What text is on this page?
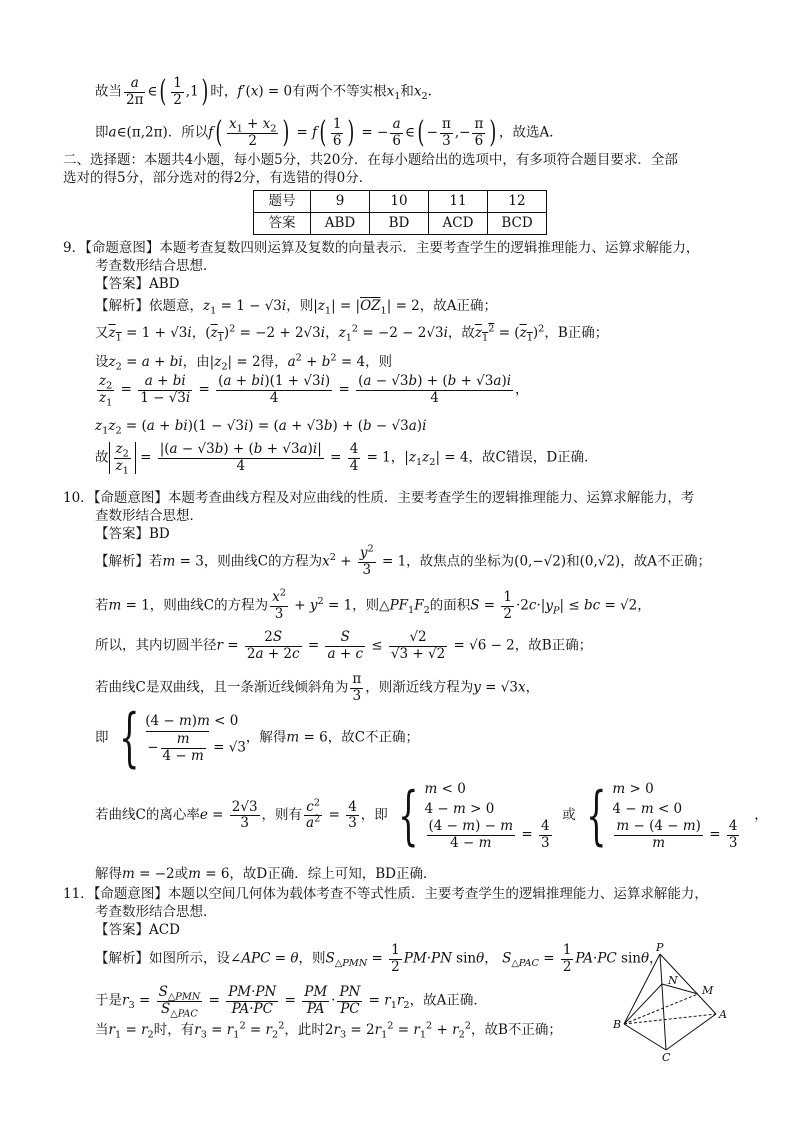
故当 $\frac{a}{2\pi}$ ∈( $\frac{1}{2} ,1$) 时，f′(x) = 0有两个不等实根$x_1$和$x_2$.
即a∈(π,2π)．所以$f( \frac{x_1 + x_2}{2}$ ) = $f( \frac{1}{6}$ ) = − $\frac{a}{6}$ ∈( − $\frac{\pi}{3}$ ,− $\frac{\pi}{6}$ ) ，故选A．
二、选择题：本题共4小题，每小题5分，共20分．在每小题给出的选项中，有多项符合题目要求．全部
选对的得5分，部分选对的得2分，有选错的得0分．
题号	9	10	11	12
答案	ABD	BD	ACD	BCD
9．【命题意图】本题考查复数四则运算及复数的向量表示．主要考查学生的逻辑推理能力、运算求解能力，
考查数形结合思想．
【答案】ABD
【解析】依题意，$z_1 = 1 - √3i$，则$|z_1| = |\overline{OZ}_1| = 2$，故A正确；
又$z_1 = 1 + √3i$，$(z_1)^2 = -2 + 2√3i$，$z_1^2 = -2 - 2√3i$，故$z_1^2 = (z_1)^2$，B正确；
设$z_2 = a$ + bi，由$|z_2| = 2$得，$a^2 + b^2 = 4$，则
$\frac{z_2}{z_1} = \frac{a + bi}{1 - √3i} = \frac{(a + bi)(1 + √3i)}{4} = \frac{(a - √3b) + (b + √3a)i}{4}$ ，
$z_1z_2 = (a + bi)(1 - √3i) = (a + √3b) + (b - √3a)i$
故 $\frac{z_2}{z_1} = \frac{|(a - √3b) + (b + √3a)i|}{4} = \frac{4}{4} = 1$，$|z_1z_2| = 4$，故C错误，D正确．
10．【命题意图】本题考查曲线方程及对应曲线的性质．主要考查学生的逻辑推理能力、运算求解能力，考
查数形结合思想．
【答案】BD
【解析】若m = 3，则曲线C的方程为$x^2 + \frac{y^2}{3} = 1$，故焦点的坐标为(0,−√2)和(0,√2)，故A不正确；
若m = 1，则曲线C的方程为 $\frac{x^2}{3} + y^2 = 1$，则$\triangle PF_1F_2$的面积$S = \frac{1}{2} \cdot 2c\cdot|y_P|$ ≤ bc = √2，
所以，其内切圆半径$r = \frac{2S}{2a + 2c} = \frac{S}{a + c} \le \frac{√2}{√3 + √2} = √6 - 2$，故B正确；
若曲线C是双曲线，且一条渐近线倾斜角为 $\frac{\pi}{3}$ ，则渐近线方程为y = √3x，
即 { (4 − m)m < 0
− $\frac{m}{4 - m} = √3$
，解得m = 6，故C不正确；
若曲线C的离心率$e = \frac{2√3}{3}$ ，则有 $\frac{c^2}{a^2} = \frac{4}{3}$ ，即 { m < 0
4 − m > 0
$\frac{(4 - m) - m}{4 - m} = \frac{4}{3}$
或 { m > 0
4 − m < 0
$\frac{m - (4 - m)}{m} = \frac{4}{3}$
，
解得m = −2或m = 6，故D正确．综上可知，BD正确．
11．【命题意图】本题以空间几何体为载体考查不等式性质．主要考查学生的逻辑推理能力、运算求解能力，
考查数形结合思想．
【答案】ACD
【解析】如图所示，设∠APC = θ，则$S_{\triangle PMN} = \frac{1}{2} PM\cdot PN$ sinθ， $S_{\triangle PAC} = \frac{1}{2} PA\cdot PC$ sinθ，
于是$r_3 = \frac{S_{\triangle PMN}}{S_{\triangle PAC}} = \frac{PM\cdot PN}{PA\cdot PC} = \frac{PM}{PA} \cdot \frac{PN}{PC} = r_1r_2$，故A正确．
当$r_1 = r_2$时，有$r_3 = r_1^2 = r_2^2$，此时$2r_3 = 2r_1^2 = r_1^2 + r_2^2$，故B不正确；
P
N
M
A
B
C
